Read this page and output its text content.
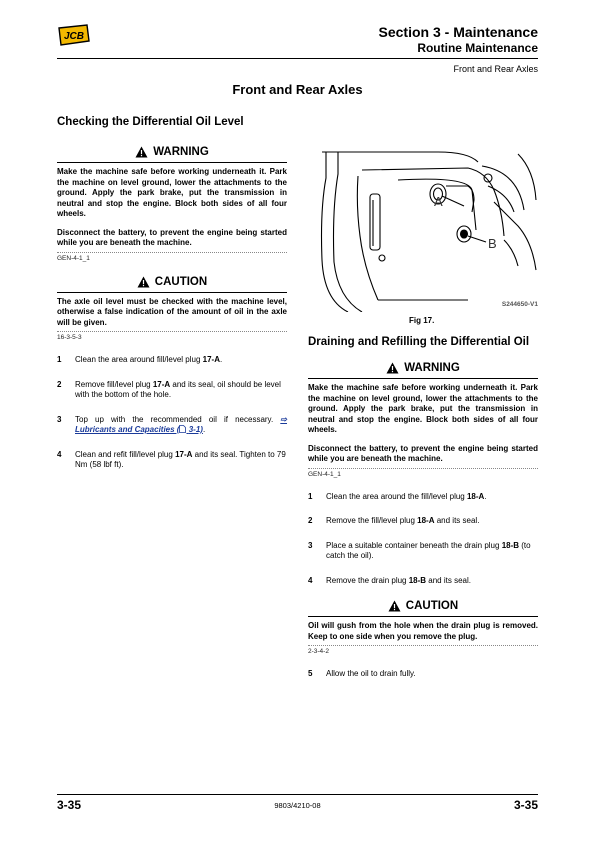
JCB	Section 3 - Maintenance
Routine Maintenance
Front and Rear Axles
Front and Rear Axles
Checking the Differential Oil Level
WARNING

Make the machine safe before working underneath it. Park the machine on level ground, lower the attachments to the ground. Apply the park brake, put the transmission in neutral and stop the engine. Block both sides of all four wheels.

Disconnect the battery, to prevent the engine being started while you are beneath the machine.

GEN-4-1_1
CAUTION

The axle oil level must be checked with the machine level, otherwise a false indication of the amount of oil in the axle will be given.

16-3-5-3
1	Clean the area around fill/level plug 17-A.
2	Remove fill/level plug 17-A and its seal, oil should be level with the bottom of the hole.
3	Top up with the recommended oil if necessary. ⇨ Lubricants and Capacities ( 3-1).
4	Clean and refit fill/level plug 17-A and its seal. Tighten to 79 Nm (58 lbf ft).
A
B
S244650-V1
Fig 17.
Draining and Refilling the Differential Oil
WARNING

Make the machine safe before working underneath it. Park the machine on level ground, lower the attachments to the ground. Apply the park brake, put the transmission in neutral and stop the engine. Block both sides of all four wheels.

Disconnect the battery, to prevent the engine being started while you are beneath the machine.

GEN-4-1_1
1	Clean the area around the fill/level plug 18-A.
2	Remove the fill/level plug 18-A and its seal.
3	Place a suitable container beneath the drain plug 18-B (to catch the oil).
4	Remove the drain plug 18-B and its seal.
CAUTION

Oil will gush from the hole when the drain plug is removed. Keep to one side when you remove the plug.

2-3-4-2
5	Allow the oil to drain fully.
3-35	9803/4210-08	3-35
